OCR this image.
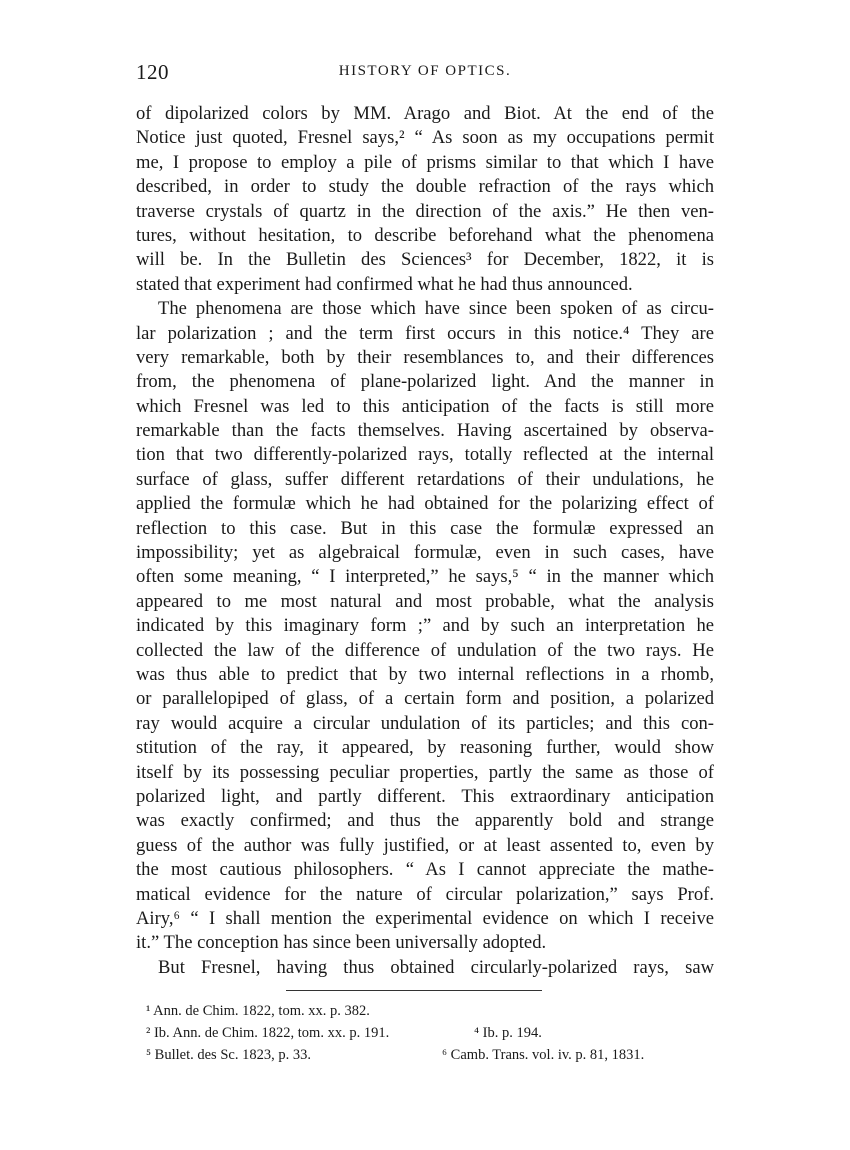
120	HISTORY OF OPTICS.
of dipolarized colors by MM. Arago and Biot. At the end of the
Notice just quoted, Fresnel says,² “ As soon as my occupations permit
me, I propose to employ a pile of prisms similar to that which I have
described, in order to study the double refraction of the rays which
traverse crystals of quartz in the direction of the axis.” He then ven-
tures, without hesitation, to describe beforehand what the phenomena
will be. In the Bulletin des Sciences³ for December, 1822, it is
stated that experiment had confirmed what he had thus announced.
The phenomena are those which have since been spoken of as circu-
lar polarization ; and the term first occurs in this notice.⁴ They are
very remarkable, both by their resemblances to, and their differences
from, the phenomena of plane-polarized light. And the manner in
which Fresnel was led to this anticipation of the facts is still more
remarkable than the facts themselves. Having ascertained by observa-
tion that two differently-polarized rays, totally reflected at the internal
surface of glass, suffer different retardations of their undulations, he
applied the formulæ which he had obtained for the polarizing effect of
reflection to this case. But in this case the formulæ expressed an
impossibility; yet as algebraical formulæ, even in such cases, have
often some meaning, “ I interpreted,” he says,⁵ “ in the manner which
appeared to me most natural and most probable, what the analysis
indicated by this imaginary form ;” and by such an interpretation he
collected the law of the difference of undulation of the two rays. He
was thus able to predict that by two internal reflections in a rhomb,
or parallelopiped of glass, of a certain form and position, a polarized
ray would acquire a circular undulation of its particles; and this con-
stitution of the ray, it appeared, by reasoning further, would show
itself by its possessing peculiar properties, partly the same as those of
polarized light, and partly different. This extraordinary anticipation
was exactly confirmed; and thus the apparently bold and strange
guess of the author was fully justified, or at least assented to, even by
the most cautious philosophers. “ As I cannot appreciate the mathe-
matical evidence for the nature of circular polarization,” says Prof.
Airy,⁶ “ I shall mention the experimental evidence on which I receive
it.” The conception has since been universally adopted.
But Fresnel, having thus obtained circularly-polarized rays, saw
¹ Ann. de Chim. 1822, tom. xx. p. 382.
² Ib. Ann. de Chim. 1822, tom. xx. p. 191.	⁴ Ib. p. 194.
⁵ Bullet. des Sc. 1823, p. 33.	⁶ Camb. Trans. vol. iv. p. 81, 1831.
